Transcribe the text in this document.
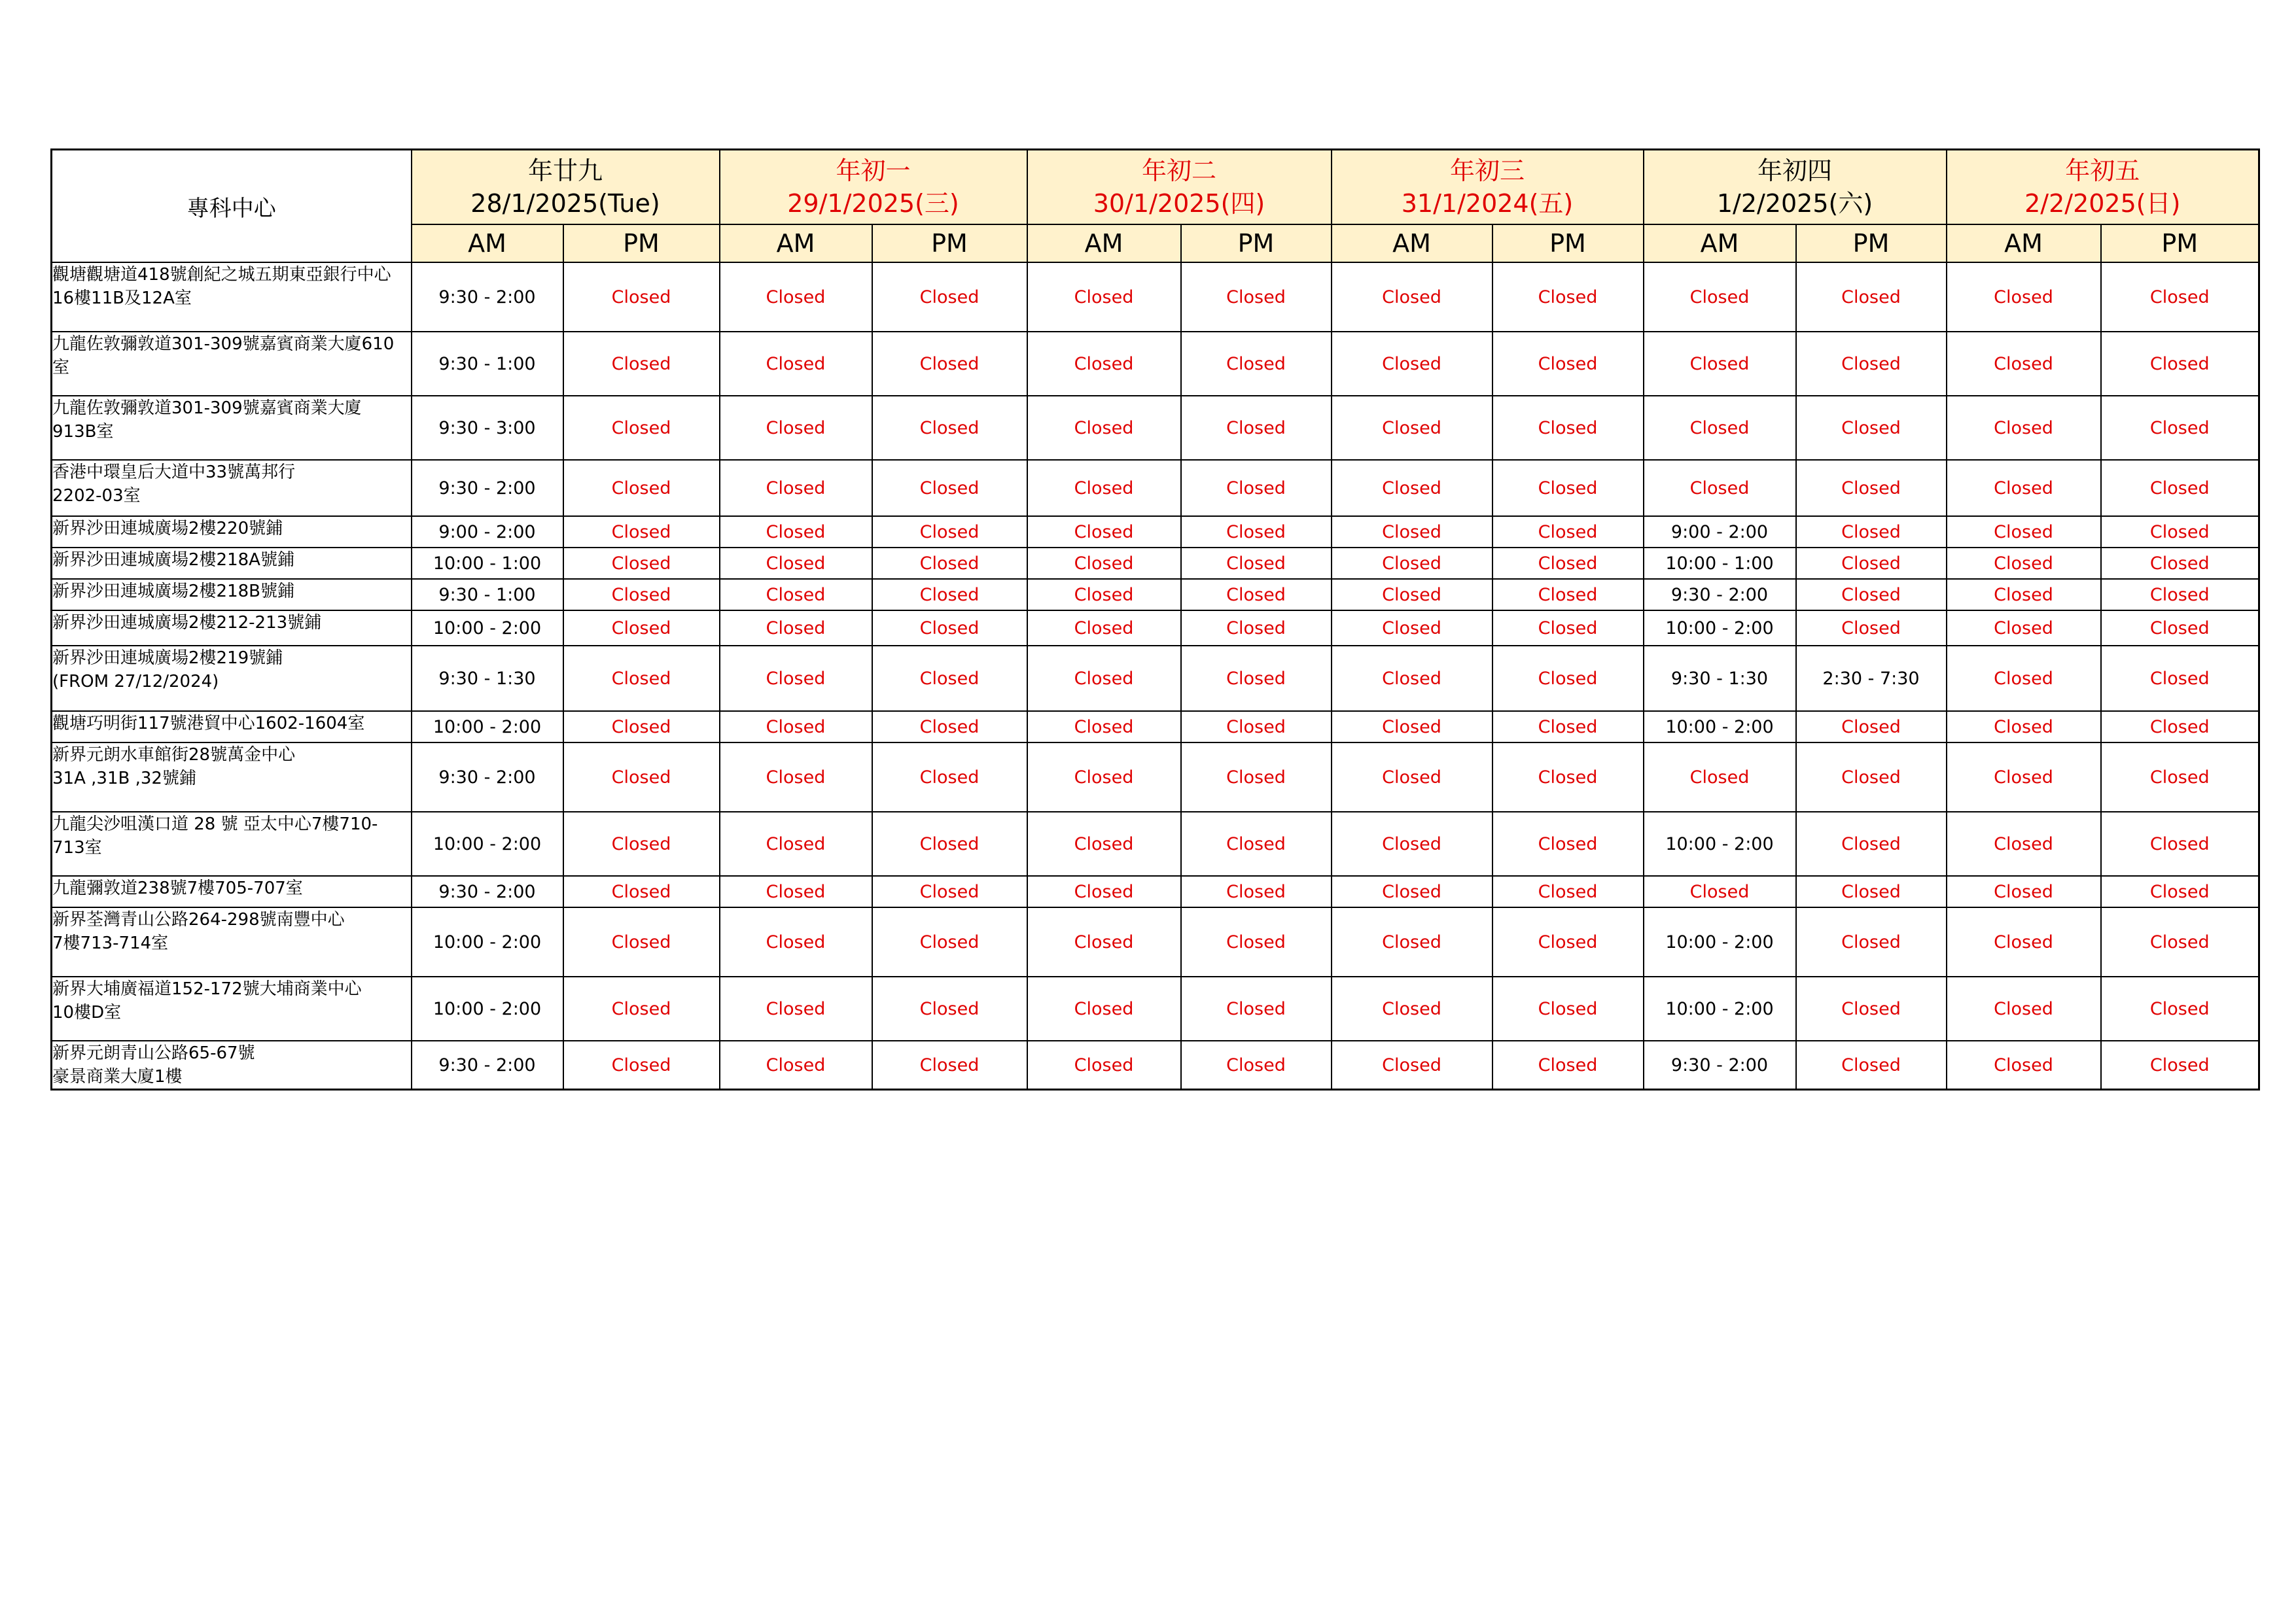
專科中心	年廿九
28/1/2025(Tue)		年初一
29/1/2025(三)		年初二
30/1/2025(四)		年初三
31/1/2024(五)		年初四
1/2/2025(六)		年初五
2/2/2025(日)	

	AM	PM	AM	PM	AM	PM	AM	PM	AM	PM	AM	PM

觀塘觀塘道418號創紀之城五期東亞銀行中心
16樓11B及12A室	9:30 - 2:00	Closed	Closed	Closed	Closed	Closed	Closed	Closed	Closed	Closed	Closed	Closed

九龍佐敦彌敦道301-309號嘉賓商業大廈610
室	9:30 - 1:00	Closed	Closed	Closed	Closed	Closed	Closed	Closed	Closed	Closed	Closed	Closed

九龍佐敦彌敦道301-309號嘉賓商業大廈
913B室	9:30 - 3:00	Closed	Closed	Closed	Closed	Closed	Closed	Closed	Closed	Closed	Closed	Closed

香港中環皇后大道中33號萬邦行
2202-03室	9:30 - 2:00	Closed	Closed	Closed	Closed	Closed	Closed	Closed	Closed	Closed	Closed	Closed

新界沙田連城廣場2樓220號鋪	9:00 - 2:00	Closed	Closed	Closed	Closed	Closed	Closed	Closed	9:00 - 2:00	Closed	Closed	Closed

新界沙田連城廣場2樓218A號鋪	10:00 - 1:00	Closed	Closed	Closed	Closed	Closed	Closed	Closed	10:00 - 1:00	Closed	Closed	Closed

新界沙田連城廣場2樓218B號鋪	9:30 - 1:00	Closed	Closed	Closed	Closed	Closed	Closed	Closed	9:30 - 2:00	Closed	Closed	Closed

新界沙田連城廣場2樓212-213號鋪	10:00 - 2:00	Closed	Closed	Closed	Closed	Closed	Closed	Closed	10:00 - 2:00	Closed	Closed	Closed

新界沙田連城廣場2樓219號鋪
(FROM 27/12/2024)	9:30 - 1:30	Closed	Closed	Closed	Closed	Closed	Closed	Closed	9:30 - 1:30	2:30 - 7:30	Closed	Closed

觀塘巧明街117號港貿中心1602-1604室	10:00 - 2:00	Closed	Closed	Closed	Closed	Closed	Closed	Closed	10:00 - 2:00	Closed	Closed	Closed

新界元朗水車館街28號萬金中心
31A ,31B ,32號鋪	9:30 - 2:00	Closed	Closed	Closed	Closed	Closed	Closed	Closed	Closed	Closed	Closed	Closed

九龍尖沙咀漢口道 28 號 亞太中心7樓710-
713室	10:00 - 2:00	Closed	Closed	Closed	Closed	Closed	Closed	Closed	10:00 - 2:00	Closed	Closed	Closed

九龍彌敦道238號7樓705-707室	9:30 - 2:00	Closed	Closed	Closed	Closed	Closed	Closed	Closed	Closed	Closed	Closed	Closed

新界荃灣青山公路264-298號南豐中心
7樓713-714室	10:00 - 2:00	Closed	Closed	Closed	Closed	Closed	Closed	Closed	10:00 - 2:00	Closed	Closed	Closed

新界大埔廣福道152-172號大埔商業中心
10樓D室	10:00 - 2:00	Closed	Closed	Closed	Closed	Closed	Closed	Closed	10:00 - 2:00	Closed	Closed	Closed

新界元朗青山公路65-67號
豪景商業大廈1樓	9:30 - 2:00	Closed	Closed	Closed	Closed	Closed	Closed	Closed	9:30 - 2:00	Closed	Closed	Closed
